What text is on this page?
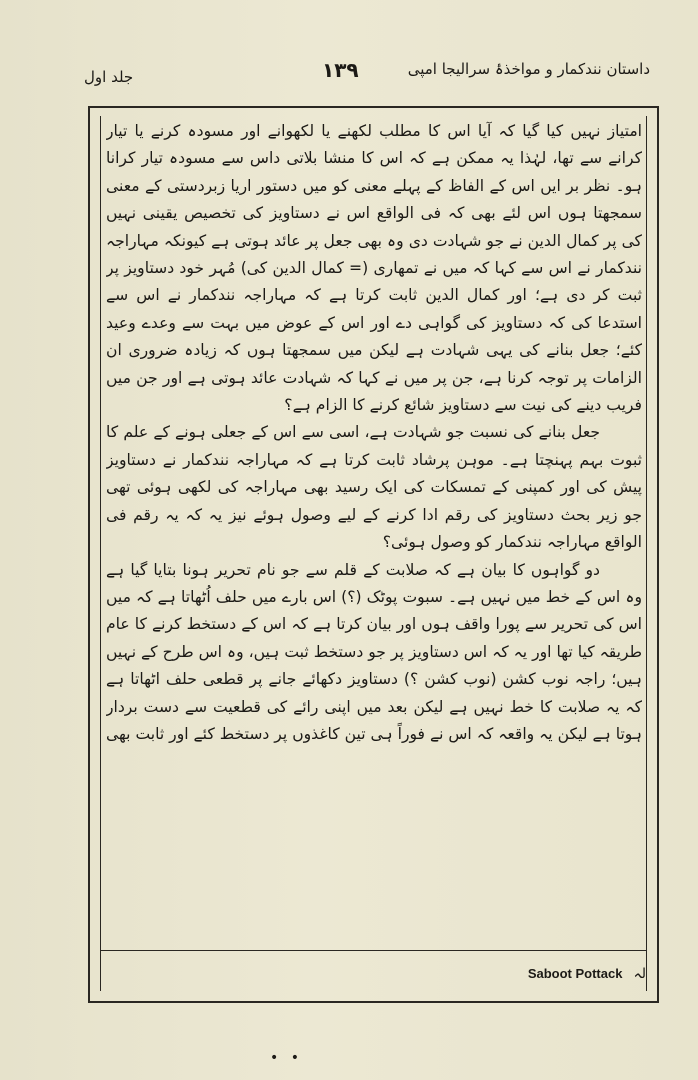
داستان نندکمار و مواخذۂ سرالیجا امپی
۱۳۹
جلد اول

امتیاز نہیں کیا گیا کہ آیا اس کا مطلب لکھنے یا لکھوانے اور مسودہ کرنے یا تیار کرانے سے تھا، لہٰذا یہ ممکن ہے کہ اس کا منشا بلاتی داس سے مسودہ تیار کرانا ہو۔ نظر بر ایں اس کے الفاظ کے پہلے معنی کو میں دستور اریا زبردستی کے معنی سمجھتا ہوں اس لئے بھی کہ فی الواقع اس نے دستاویز کی تخصیص یقینی نہیں کی پر کمال الدین نے جو شہادت دی وہ بھی جعل پر عائد ہوتی ہے کیونکہ مہاراجہ نندکمار نے اس سے کہا کہ میں نے تمھاری (= کمال الدین کی) مُہر خود دستاویز پر ثبت کر دی ہے؛ اور کمال الدین ثابت کرتا ہے کہ مہاراجہ نندکمار نے اس سے استدعا کی کہ دستاویز کی گواہی دے اور اس کے عوض میں بہت سے وعدے وعید کئے؛ جعل بنانے کی یہی شہادت ہے لیکن میں سمجھتا ہوں کہ زیادہ ضروری ان الزامات پر توجہ کرنا ہے، جن پر میں نے کہا کہ شہادت عائد ہوتی ہے اور جن میں فریب دینے کی نیت سے دستاویز شائع کرنے کا الزام ہے؟

جعل بنانے کی نسبت جو شہادت ہے، اسی سے اس کے جعلی ہونے کے علم کا ثبوت بہم پہنچتا ہے۔ موہن پرشاد ثابت کرتا ہے کہ مہاراجہ نندکمار نے دستاویز پیش کی اور کمپنی کے تمسکات کی ایک رسید بھی مہاراجہ کی لکھی ہوئی تھی جو زیر بحث دستاویز کی رقم ادا کرنے کے لیے وصول ہوئے نیز یہ کہ یہ رقم فی الواقع مہاراجہ نندکمار کو وصول ہوئی؟

دو گواہوں کا بیان ہے کہ صلابت کے قلم سے جو نام تحریر ہونا بتایا گیا ہے وہ اس کے خط میں نہیں ہے۔ سبوت پوٹک (؟) اس بارے میں حلف اُٹھاتا ہے کہ میں اس کی تحریر سے پورا واقف ہوں اور بیان کرتا ہے کہ اس کے دستخط کرنے کا عام طریقہ کیا تھا اور یہ کہ اس دستاویز پر جو دستخط ثبت ہیں، وہ اس طرح کے نہیں ہیں؛ راجہ نوب کشن (نوب کشن ؟) دستاویز دکھائے جانے پر قطعی حلف اٹھاتا ہے کہ یہ صلابت کا خط نہیں ہے لیکن بعد میں اپنی رائے کی قطعیت سے دست بردار ہوتا ہے لیکن یہ واقعہ کہ اس نے فوراً ہی تین کاغذوں پر دستخط کئے اور ثابت بھی

Saboot Pottack لہ
• •
